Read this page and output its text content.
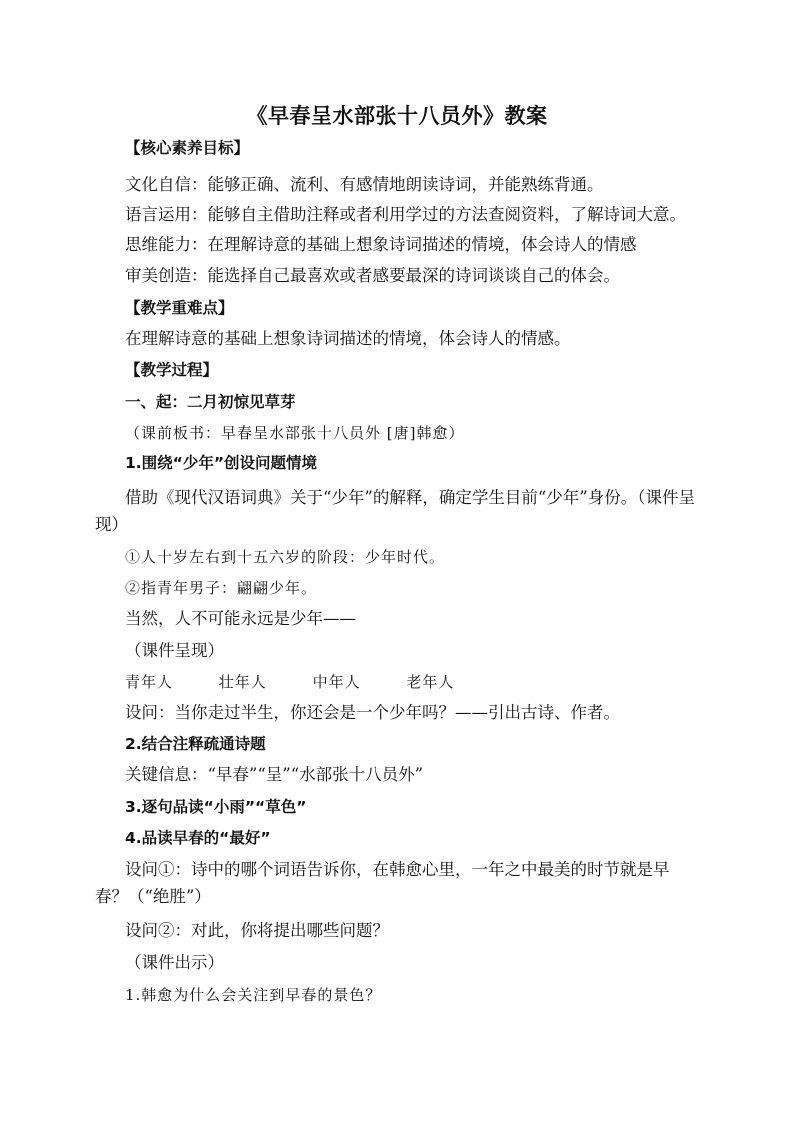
《早春呈水部张十八员外》教案
【核心素养目标】
文化自信：能够正确、流利、有感情地朗读诗词，并能熟练背通。
语言运用：能够自主借助注释或者利用学过的方法查阅资料，了解诗词大意。
思维能力：在理解诗意的基础上想象诗词描述的情境，体会诗人的情感
审美创造：能选择自己最喜欢或者感要最深的诗词谈谈自己的体会。
【教学重难点】
在理解诗意的基础上想象诗词描述的情境，体会诗人的情感。
【教学过程】
一、起：二月初惊见草芽
（课前板书：早春呈水部张十八员外 [唐]韩愈）
1.围绕“少年”创设问题情境
借助《现代汉语词典》关于“少年”的解释，确定学生目前“少年”身份。（课件呈现）
①人十岁左右到十五六岁的阶段：少年时代。
②指青年男子：翩翩少年。
当然，人不可能永远是少年——
（课件呈现）
青年人	壮年人	中年人	老年人
设问：当你走过半生，你还会是一个少年吗？——引出古诗、作者。
2.结合注释疏通诗题
关键信息：“早春”“呈”“水部张十八员外”
3.逐句品读“小雨”“草色”
4.品读早春的“最好”
设问①：诗中的哪个词语告诉你，在韩愈心里，一年之中最美的时节就是早春？（“绝胜”）
设问②：对此，你将提出哪些问题？
（课件出示）
1.韩愈为什么会关注到早春的景色？
